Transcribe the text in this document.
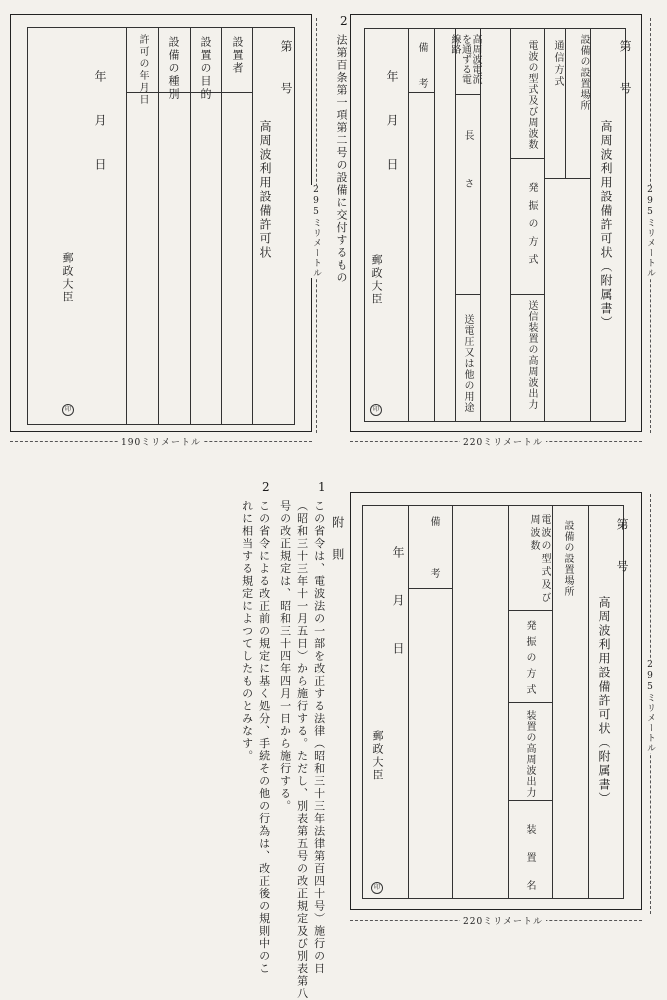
第　　号
高周波利用設備許可状
設置者
設置の目的
設備の種別
許可の年月日
年　月　日
郵政大臣
印
295ミリメートル
190ミリメートル
2
法第百条第一項第二号の設備に交付するもの	第　　号
高周波利用設備許可状（附属書）
設備の設置場所
通信方式
電波の型式及び周波数
発振の方式
送信装置の高周波出力
高周波電流を通ずる電線路
長　さ
送電圧又は他の用途
備　考
年　月　日
郵政大臣
印
295ミリメートル
220ミリメートル
1
附　則
この省令は、電波法の一部を改正する法律（昭和三十三年法律第百四十号）施行の日
（昭和三十三年十一月五日）から施行する。ただし、別表第五号の改正規定及び別表第八
号の改正規定は、昭和三十四年四月一日から施行する。
2
この省令による改正前の規定に基く処分、手続その他の行為は、改正後の規則中のこ
れに相当する規定によつてしたものとみなす。	第　　号
高周波利用設備許可状（附属書）
設備の設置場所
電波の型式及び周波数
発振の方式
装置の高周波出力
装　置　名
備　考
年　月　日
郵政大臣
印
295ミリメートル
220ミリメートル
